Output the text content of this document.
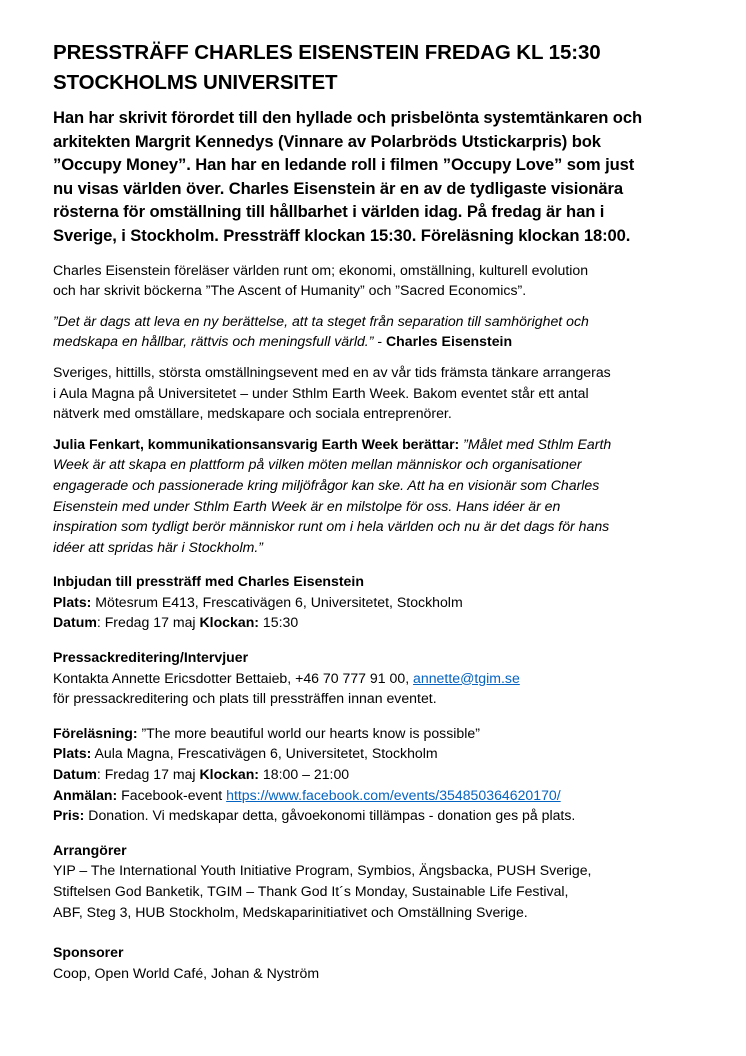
PRESSTRÄFF CHARLES EISENSTEIN FREDAG KL 15:30
STOCKHOLMS UNIVERSITET

Han har skrivit förordet till den hyllade och prisbelönta systemtänkaren och
arkitekten Margrit Kennedys (Vinnare av Polarbröds Utstickarpris) bok
”Occupy Money”. Han har en ledande roll i filmen ”Occupy Love” som just
nu visas världen över. Charles Eisenstein är en av de tydligaste visionära
rösterna för omställning till hållbarhet i världen idag. På fredag är han i
Sverige, i Stockholm. Pressträff klockan 15:30. Föreläsning klockan 18:00.

Charles Eisenstein föreläser världen runt om; ekonomi, omställning, kulturell evolution
och har skrivit böckerna ”The Ascent of Humanity” och ”Sacred Economics”.

”Det är dags att leva en ny berättelse, att ta steget från separation till samhörighet och
medskapa en hållbar, rättvis och meningsfull värld.” - Charles Eisenstein

Sveriges, hittills, största omställningsevent med en av vår tids främsta tänkare arrangeras
i Aula Magna på Universitetet – under Sthlm Earth Week. Bakom eventet står ett antal
nätverk med omställare, medskapare och sociala entreprenörer.

Julia Fenkart, kommunikationsansvarig Earth Week berättar: ”Målet med Sthlm Earth
Week är att skapa en plattform på vilken möten mellan människor och organisationer
engagerade och passionerade kring miljöfrågor kan ske. Att ha en visionär som Charles
Eisenstein med under Sthlm Earth Week är en milstolpe för oss. Hans idéer är en
inspiration som tydligt berör människor runt om i hela världen och nu är det dags för hans
idéer att spridas här i Stockholm.”

Inbjudan till pressträff med Charles Eisenstein
Plats: Mötesrum E413, Frescativägen 6, Universitetet, Stockholm
Datum: Fredag 17 maj Klockan: 15:30

Pressackreditering/Intervjuer
Kontakta Annette Ericsdotter Bettaieb, +46 70 777 91 00, annette@tgim.se
för pressackreditering och plats till pressträffen innan eventet.

Föreläsning: ”The more beautiful world our hearts know is possible”
Plats: Aula Magna, Frescativägen 6, Universitetet, Stockholm
Datum: Fredag 17 maj Klockan: 18:00 – 21:00
Anmälan: Facebook-event https://www.facebook.com/events/354850364620170/
Pris: Donation. Vi medskapar detta, gåvoekonomi tillämpas - donation ges på plats.

Arrangörer
YIP – The International Youth Initiative Program, Symbios, Ängsbacka, PUSH Sverige,
Stiftelsen God Banketik, TGIM – Thank God It´s Monday, Sustainable Life Festival,
ABF, Steg 3, HUB Stockholm, Medskaparinitiativet och Omställning Sverige.

Sponsorer
Coop, Open World Café, Johan & Nyström
